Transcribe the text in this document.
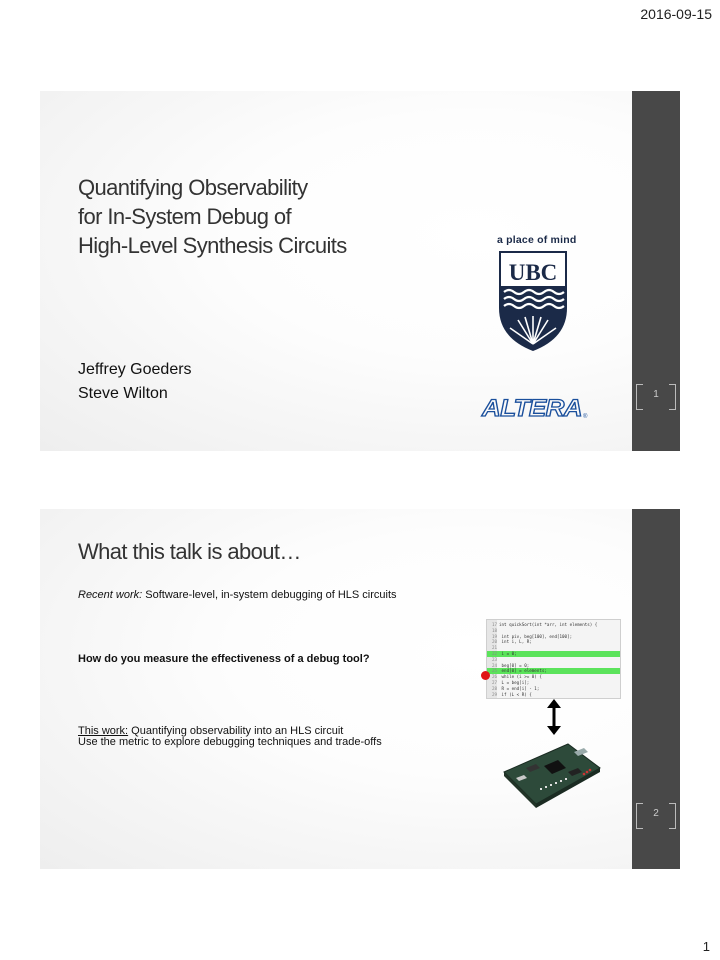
2016-09-15
Quantifying Observability
for In-System Debug of
High-Level Synthesis Circuits
Jeffrey Goeders
Steve Wilton
a place of mind
UBC
ALTERA ®
1
What this talk is about…
Recent work: Software-level, in-system debugging of HLS circuits
How do you measure the effectiveness of a debug tool?
This work: Quantifying observability into an HLS circuit
Use the metric to explore debugging techniques and trade-offs
17 int quickSort(int *arr, int elements) {
18
19 int piv, beg[100], end[100];
20 int i, L, R;
21
22 i = 0;
23
24 beg[0] = 0;
25 end[0] = elements;
26 while (i >= 0) {
27 L = beg[i];
28 R = end[i] - 1;
29 if (L < R) {
2
1
